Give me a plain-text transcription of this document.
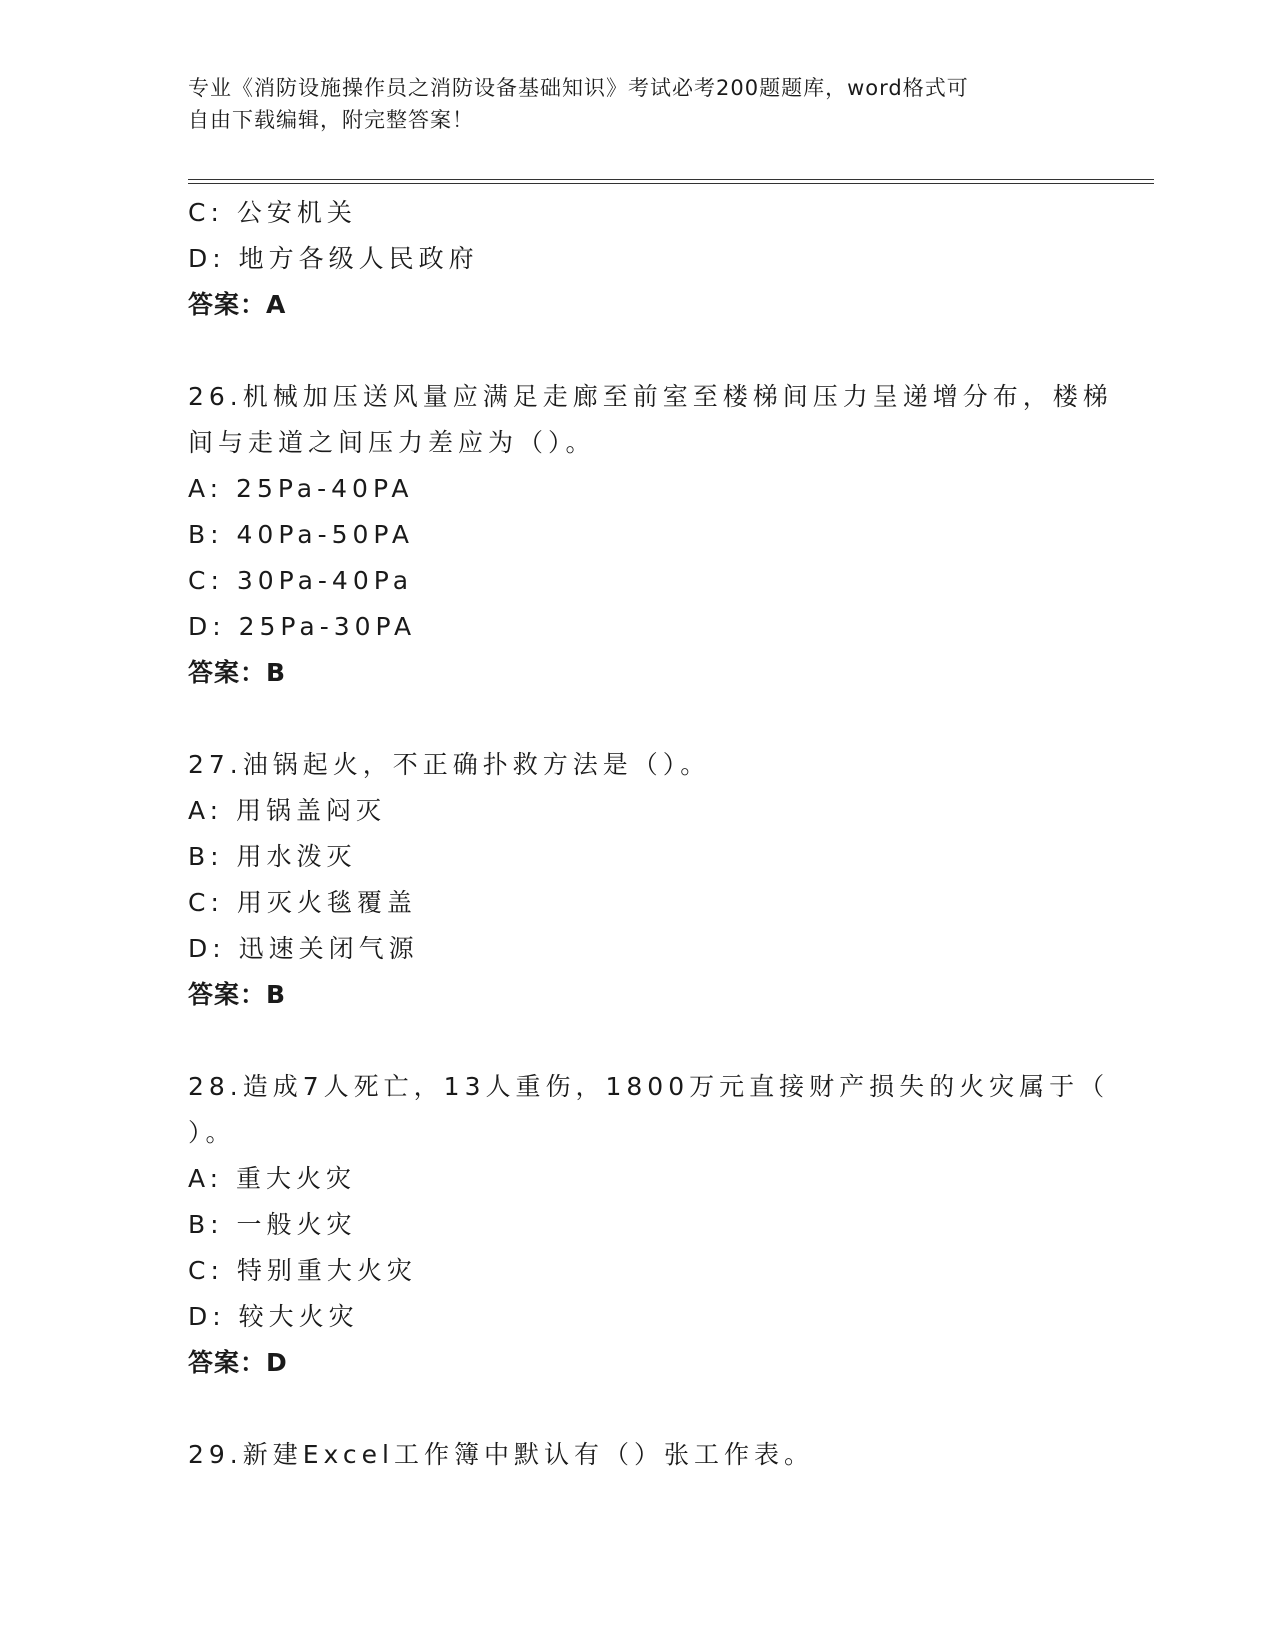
专业《消防设施操作员之消防设备基础知识》考试必考200题题库，word格式可
自由下载编辑，附完整答案！
C: 公安机关
D: 地方各级人民政府
答案：A
26.机械加压送风量应满足走廊至前室至楼梯间压力呈递增分布，楼梯
间与走道之间压力差应为（）。
A: 25Pa-40PA
B: 40Pa-50PA
C: 30Pa-40Pa
D: 25Pa-30PA
答案：B
27.油锅起火，不正确扑救方法是（）。
A: 用锅盖闷灭
B: 用水泼灭
C: 用灭火毯覆盖
D: 迅速关闭气源
答案：B
28.造成7人死亡，13人重伤，1800万元直接财产损失的火灾属于（
）。
A: 重大火灾
B: 一般火灾
C: 特别重大火灾
D: 较大火灾
答案：D
29.新建Excel工作簿中默认有（）张工作表。
